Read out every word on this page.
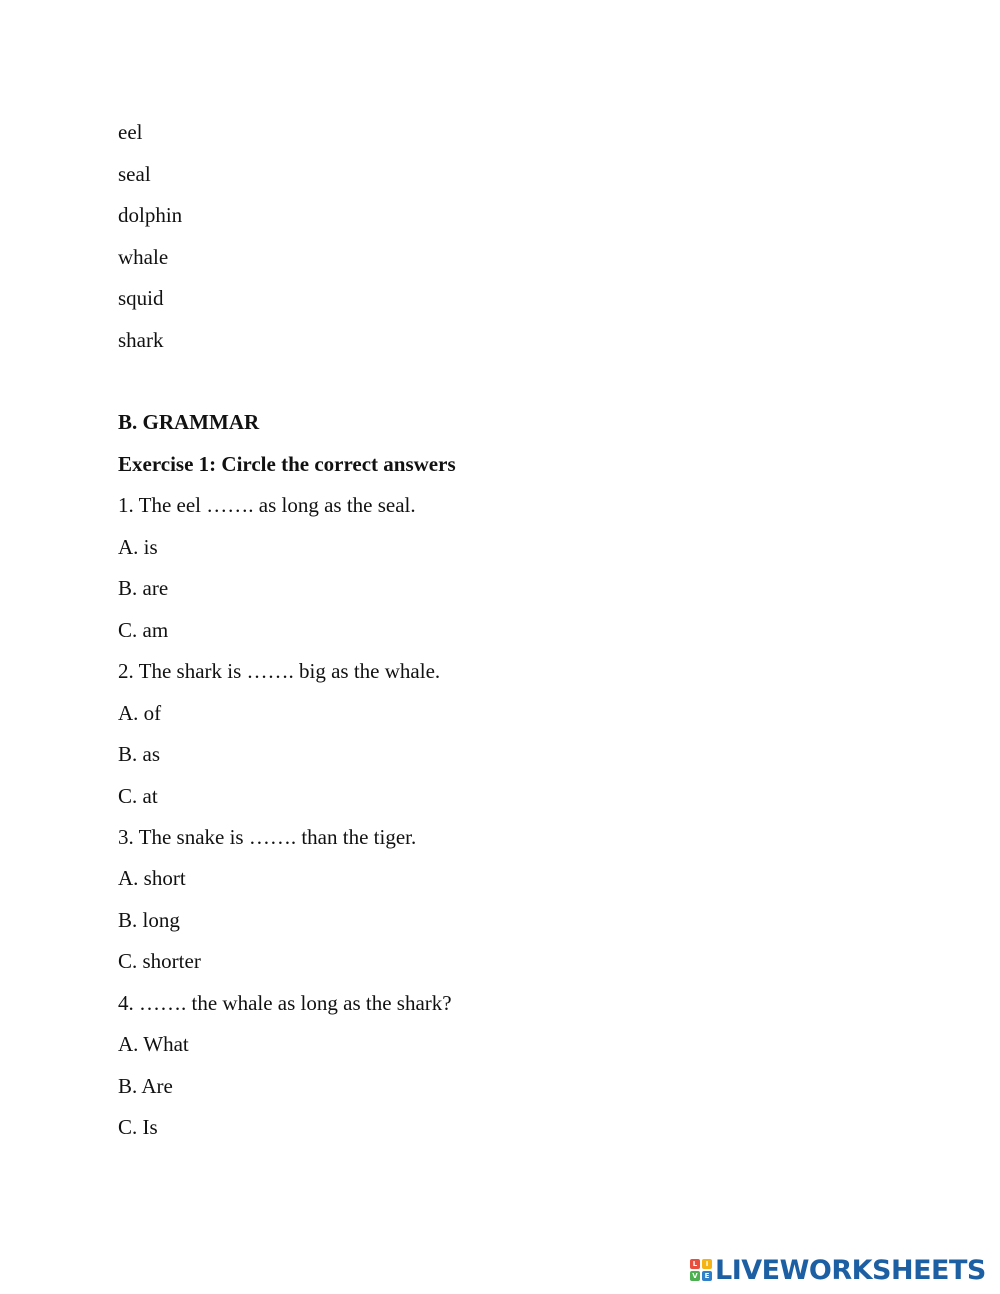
eel
seal
dolphin
whale
squid
shark
B. GRAMMAR
Exercise 1: Circle the correct answers
1. The eel ……. as long as the seal.
A. is
B. are
C. am
2. The shark is ……. big as the whale.
A. of
B. as
C. at
3. The snake is ……. than the tiger.
A. short
B. long
C. shorter
4. ……. the whale as long as the shark?
A. What
B. Are
C. Is
L	I
V E LIVEWORKSHEETS
